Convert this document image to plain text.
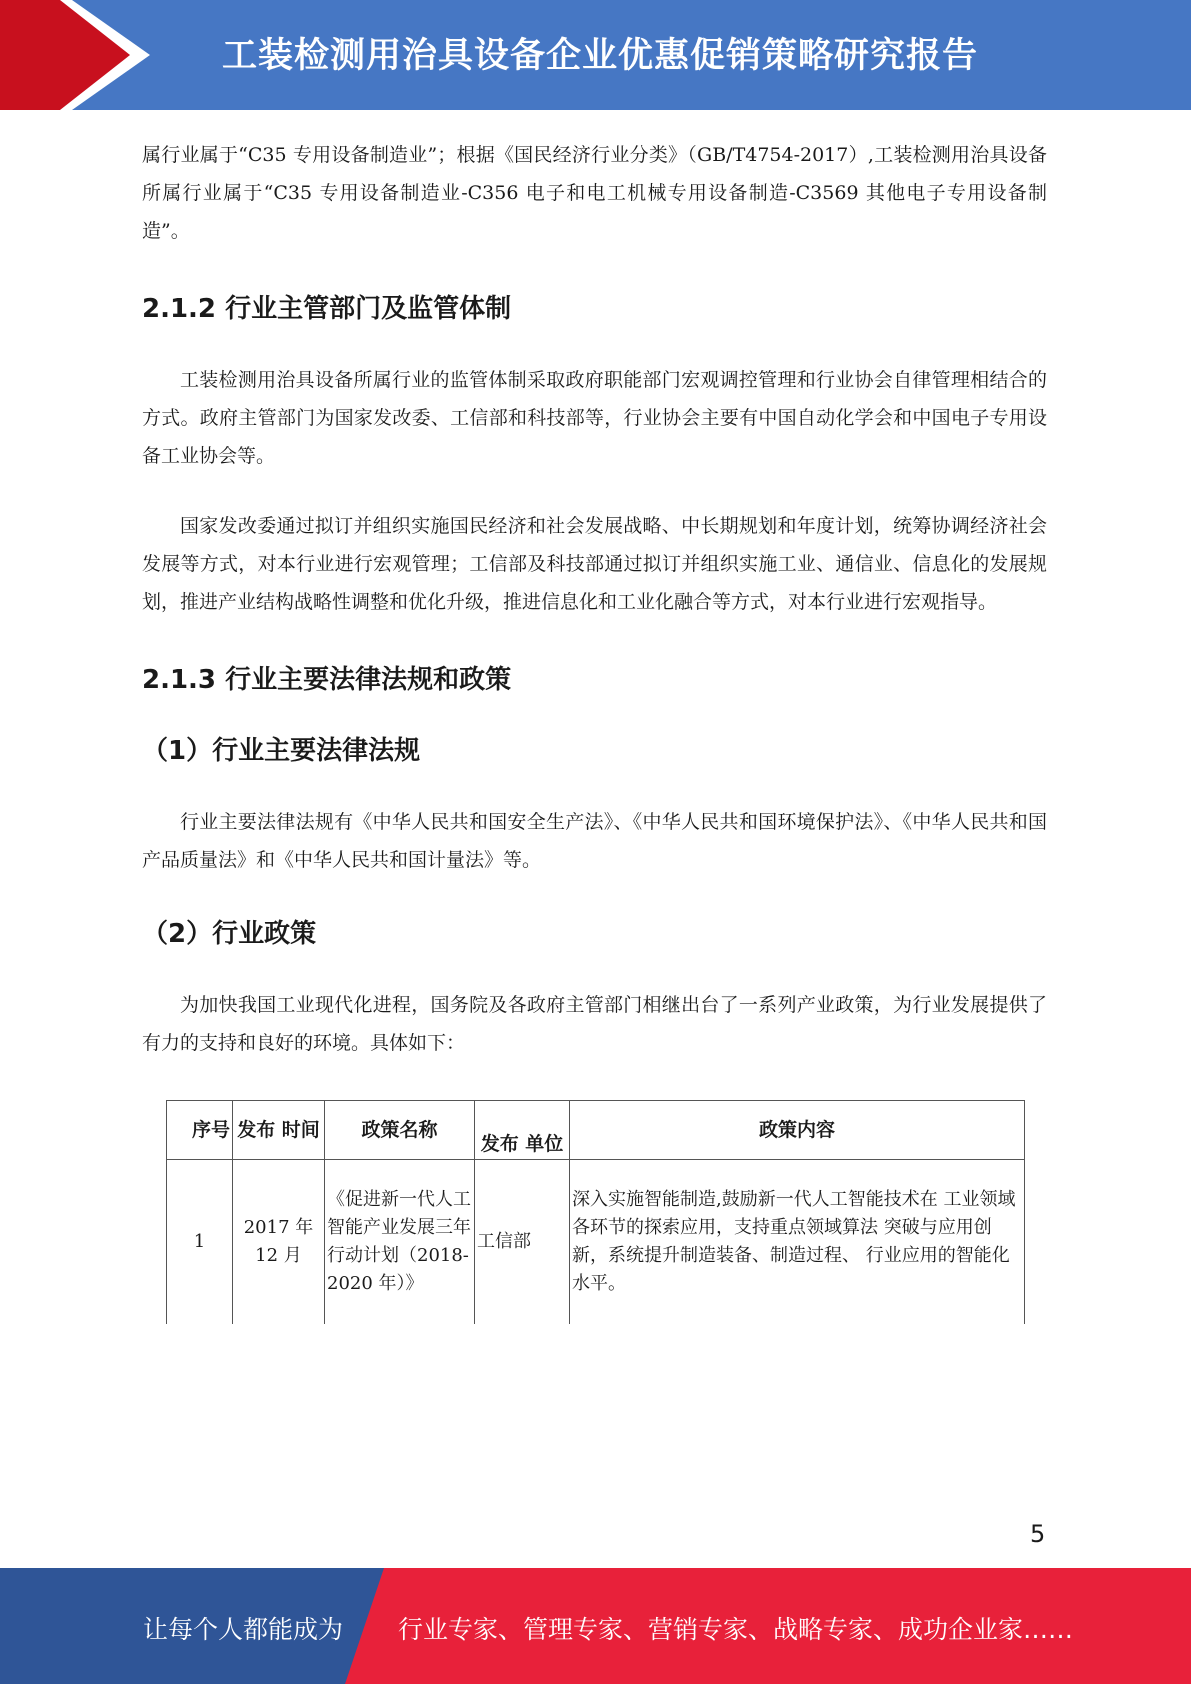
工装检测用治具设备企业优惠促销策略研究报告

属行业属于“C35 专用设备制造业”；根据《国民经济行业分类》（GB/T4754-2017）,工装检测用治具设备所属行业属于“C35 专用设备制造业-C356 电子和电工机械专用设备制造-C3569 其他电子专用设备制造”。

2.1.2 行业主管部门及监管体制

工装检测用治具设备所属行业的监管体制采取政府职能部门宏观调控管理和行业协会自律管理相结合的方式。政府主管部门为国家发改委、工信部和科技部等，行业协会主要有中国自动化学会和中国电子专用设备工业协会等。

国家发改委通过拟订并组织实施国民经济和社会发展战略、中长期规划和年度计划，统筹协调经济社会发展等方式，对本行业进行宏观管理；工信部及科技部通过拟订并组织实施工业、通信业、信息化的发展规划，推进产业结构战略性调整和优化升级，推进信息化和工业化融合等方式，对本行业进行宏观指导。

2.1.3 行业主要法律法规和政策
（1）行业主要法律法规

行业主要法律法规有《中华人民共和国安全生产法》、《中华人民共和国环境保护法》、《中华人民共和国产品质量法》和《中华人民共和国计量法》等。

（2）行业政策

为加快我国工业现代化进程，国务院及各政府主管部门相继出台了一系列产业政策，为行业发展提供了有力的支持和良好的环境。具体如下：

序号	发布 时间	政策名称	发布 单位	政策内容
1	2017 年 12 月	《促进新一代人工智能产业发展三年行动计划（2018-2020 年）》	工信部	深入实施智能制造,鼓励新一代人工智能技术在 工业领域各环节的探索应用，支持重点领域算法 突破与应用创新，系统提升制造装备、制造过程、 行业应用的智能化水平。
5
让每个人都能成为 行业专家、管理专家、营销专家、战略专家、成功企业家……
